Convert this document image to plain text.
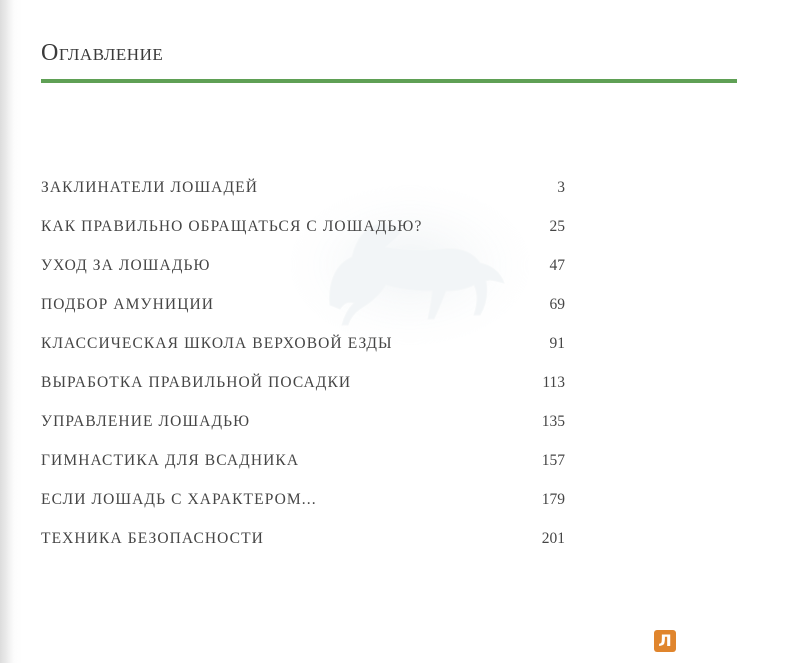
Оглавление
ЗАКЛИНАТЕЛИ ЛОШАДЕЙ	3
КАК ПРАВИЛЬНО ОБРАЩАТЬСЯ С ЛОШАДЬЮ?	25
УХОД ЗА ЛОШАДЬЮ	47
ПОДБОР АМУНИЦИИ	69
КЛАССИЧЕСКАЯ ШКОЛА ВЕРХОВОЙ ЕЗДЫ	91
ВЫРАБОТКА ПРАВИЛЬНОЙ ПОСАДКИ	113
УПРАВЛЕНИЕ ЛОШАДЬЮ	135
ГИМНАСТИКА ДЛЯ ВСАДНИКА	157
ЕСЛИ ЛОШАДЬ С ХАРАКТЕРОМ...	179
ТЕХНИКА БЕЗОПАСНОСТИ	201
Л
